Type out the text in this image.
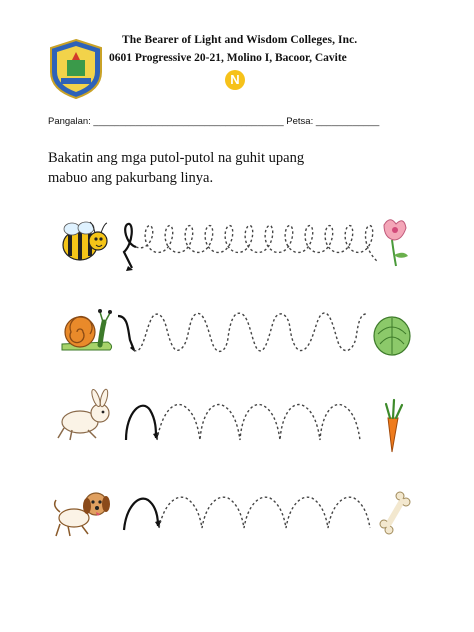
The Bearer of Light and Wisdom Colleges, Inc.
0601 Progressive 20-21, Molino I, Bacoor, Cavite
N
Pangalan: ____________________________________ Petsa: ____________
Bakatin ang mga putol-putol na guhit upang
mabuo ang pakurbang linya.
